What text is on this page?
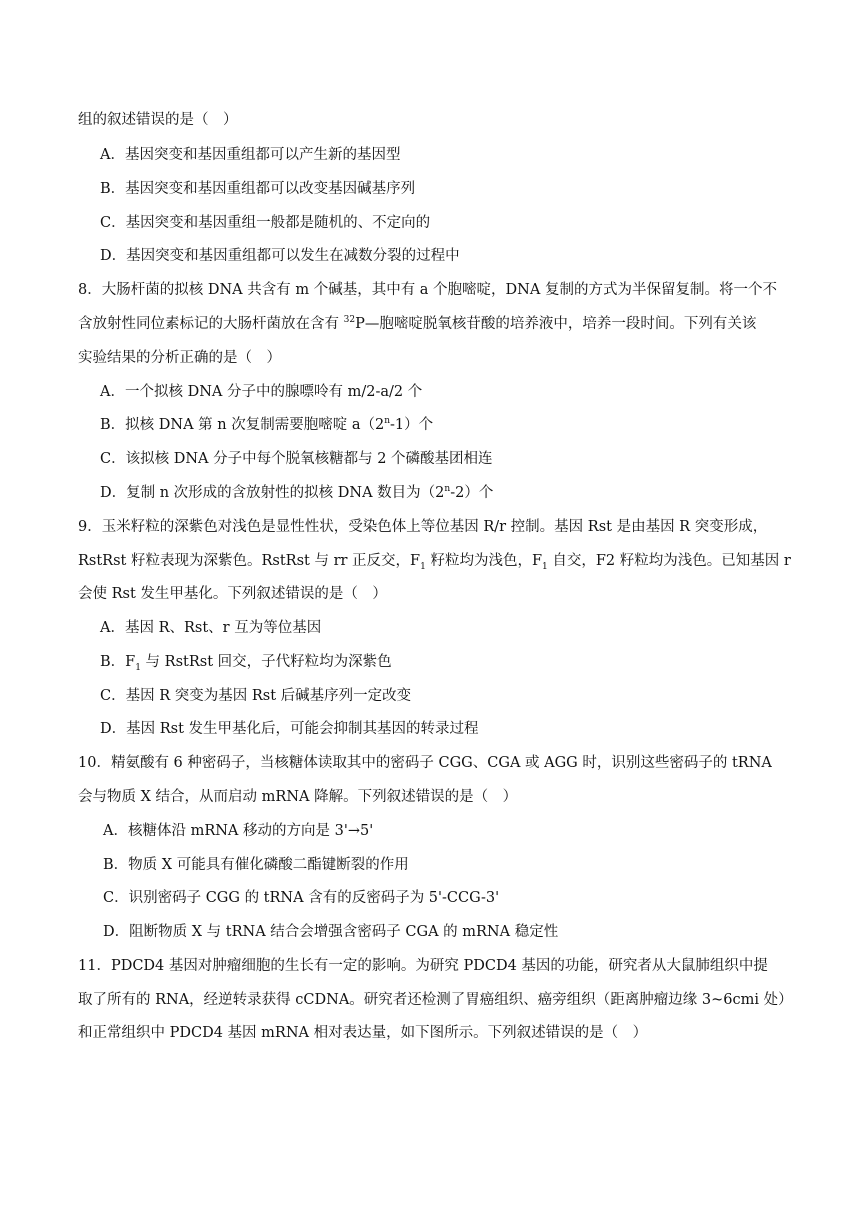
组的叙述错误的是（　）
A．基因突变和基因重组都可以产生新的基因型
B．基因突变和基因重组都可以改变基因碱基序列
C．基因突变和基因重组一般都是随机的、不定向的
D．基因突变和基因重组都可以发生在减数分裂的过程中
8．大肠杆菌的拟核 DNA 共含有 m 个碱基，其中有 a 个胞嘧啶，DNA 复制的方式为半保留复制。将一个不
含放射性同位素标记的大肠杆菌放在含有 $^{32}$P—胞嘧啶脱氧核苷酸的培养液中，培养一段时间。下列有关该
实验结果的分析正确的是（　）
A．一个拟核 DNA 分子中的腺嘌呤有 m/2-a/2 个
B．拟核 DNA 第 n 次复制需要胞嘧啶 a（2$^n$-1）个
C．该拟核 DNA 分子中每个脱氧核糖都与 2 个磷酸基团相连
D．复制 n 次形成的含放射性的拟核 DNA 数目为（2$^n$-2）个
9．玉米籽粒的深紫色对浅色是显性性状，受染色体上等位基因 R/r 控制。基因 Rst 是由基因 R 突变形成，
RstRst 籽粒表现为深紫色。RstRst 与 rr 正反交，$F_1$ 籽粒均为浅色，$F_1$ 自交，F2 籽粒均为浅色。已知基因 r
会使 Rst 发生甲基化。下列叙述错误的是（　）
A．基因 R、Rst、r 互为等位基因
B．$F_1$ 与 RstRst 回交，子代籽粒均为深紫色
C．基因 R 突变为基因 Rst 后碱基序列一定改变
D．基因 Rst 发生甲基化后，可能会抑制其基因的转录过程
10．精氨酸有 6 种密码子，当核糖体读取其中的密码子 CGG、CGA 或 AGG 时，识别这些密码子的 tRNA
会与物质 X 结合，从而启动 mRNA 降解。下列叙述错误的是（　）
A．核糖体沿 mRNA 移动的方向是 3'→5'
B．物质 X 可能具有催化磷酸二酯键断裂的作用
C．识别密码子 CGG 的 tRNA 含有的反密码子为 5'-CCG-3'
D．阻断物质 X 与 tRNA 结合会增强含密码子 CGA 的 mRNA 稳定性
11．PDCD4 基因对肿瘤细胞的生长有一定的影响。为研究 PDCD4 基因的功能，研究者从大鼠肺组织中提
取了所有的 RNA，经逆转录获得 cCDNA。研究者还检测了胃癌组织、癌旁组织（距离肿瘤边缘 3~6cmi 处）
和正常组织中 PDCD4 基因 mRNA 相对表达量，如下图所示。下列叙述错误的是（　）
